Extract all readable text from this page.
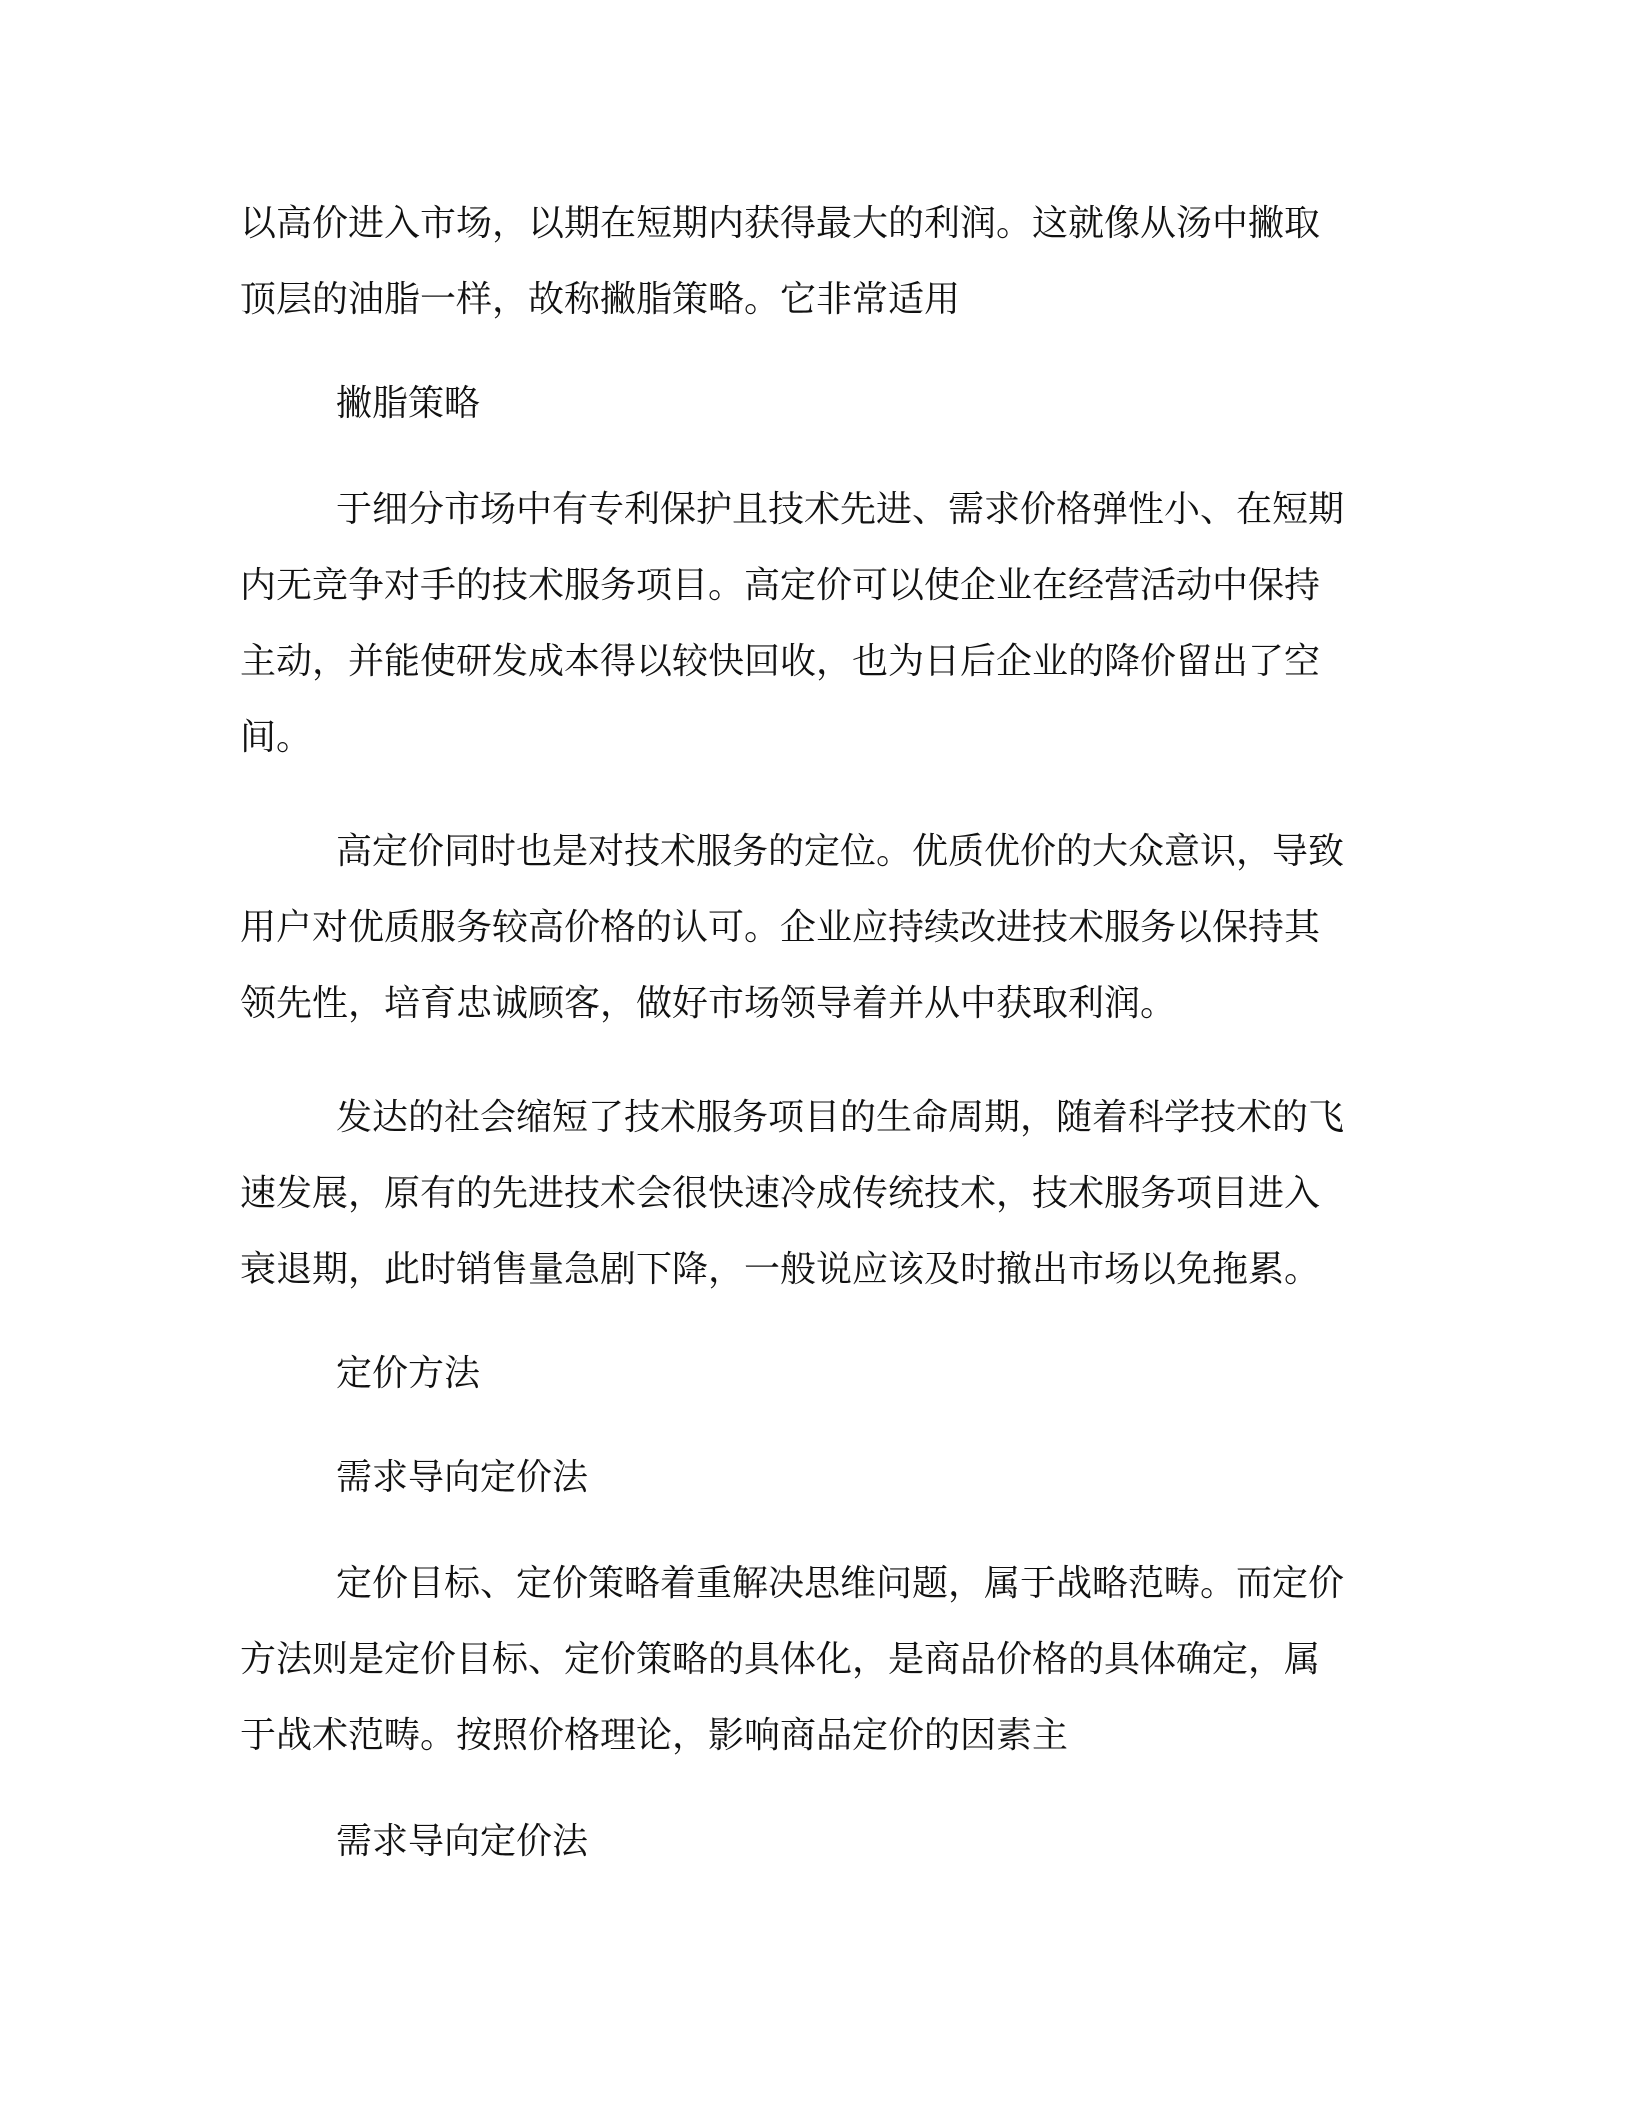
以高价进入市场，以期在短期内获得最大的利润。这就像从汤中撇取
顶层的油脂一样，故称撇脂策略。它非常适用

撇脂策略

于细分市场中有专利保护且技术先进、需求价格弹性小、在短期
内无竞争对手的技术服务项目。高定价可以使企业在经营活动中保持
主动，并能使研发成本得以较快回收，也为日后企业的降价留出了空
间。

高定价同时也是对技术服务的定位。优质优价的大众意识，导致
用户对优质服务较高价格的认可。企业应持续改进技术服务以保持其
领先性，培育忠诚顾客，做好市场领导着并从中获取利润。

发达的社会缩短了技术服务项目的生命周期，随着科学技术的飞
速发展，原有的先进技术会很快速冷成传统技术，技术服务项目进入
衰退期，此时销售量急剧下降，一般说应该及时撤出市场以免拖累。

定价方法

需求导向定价法

定价目标、定价策略着重解决思维问题，属于战略范畴。而定价
方法则是定价目标、定价策略的具体化，是商品价格的具体确定，属
于战术范畴。按照价格理论，影响商品定价的因素主

需求导向定价法
